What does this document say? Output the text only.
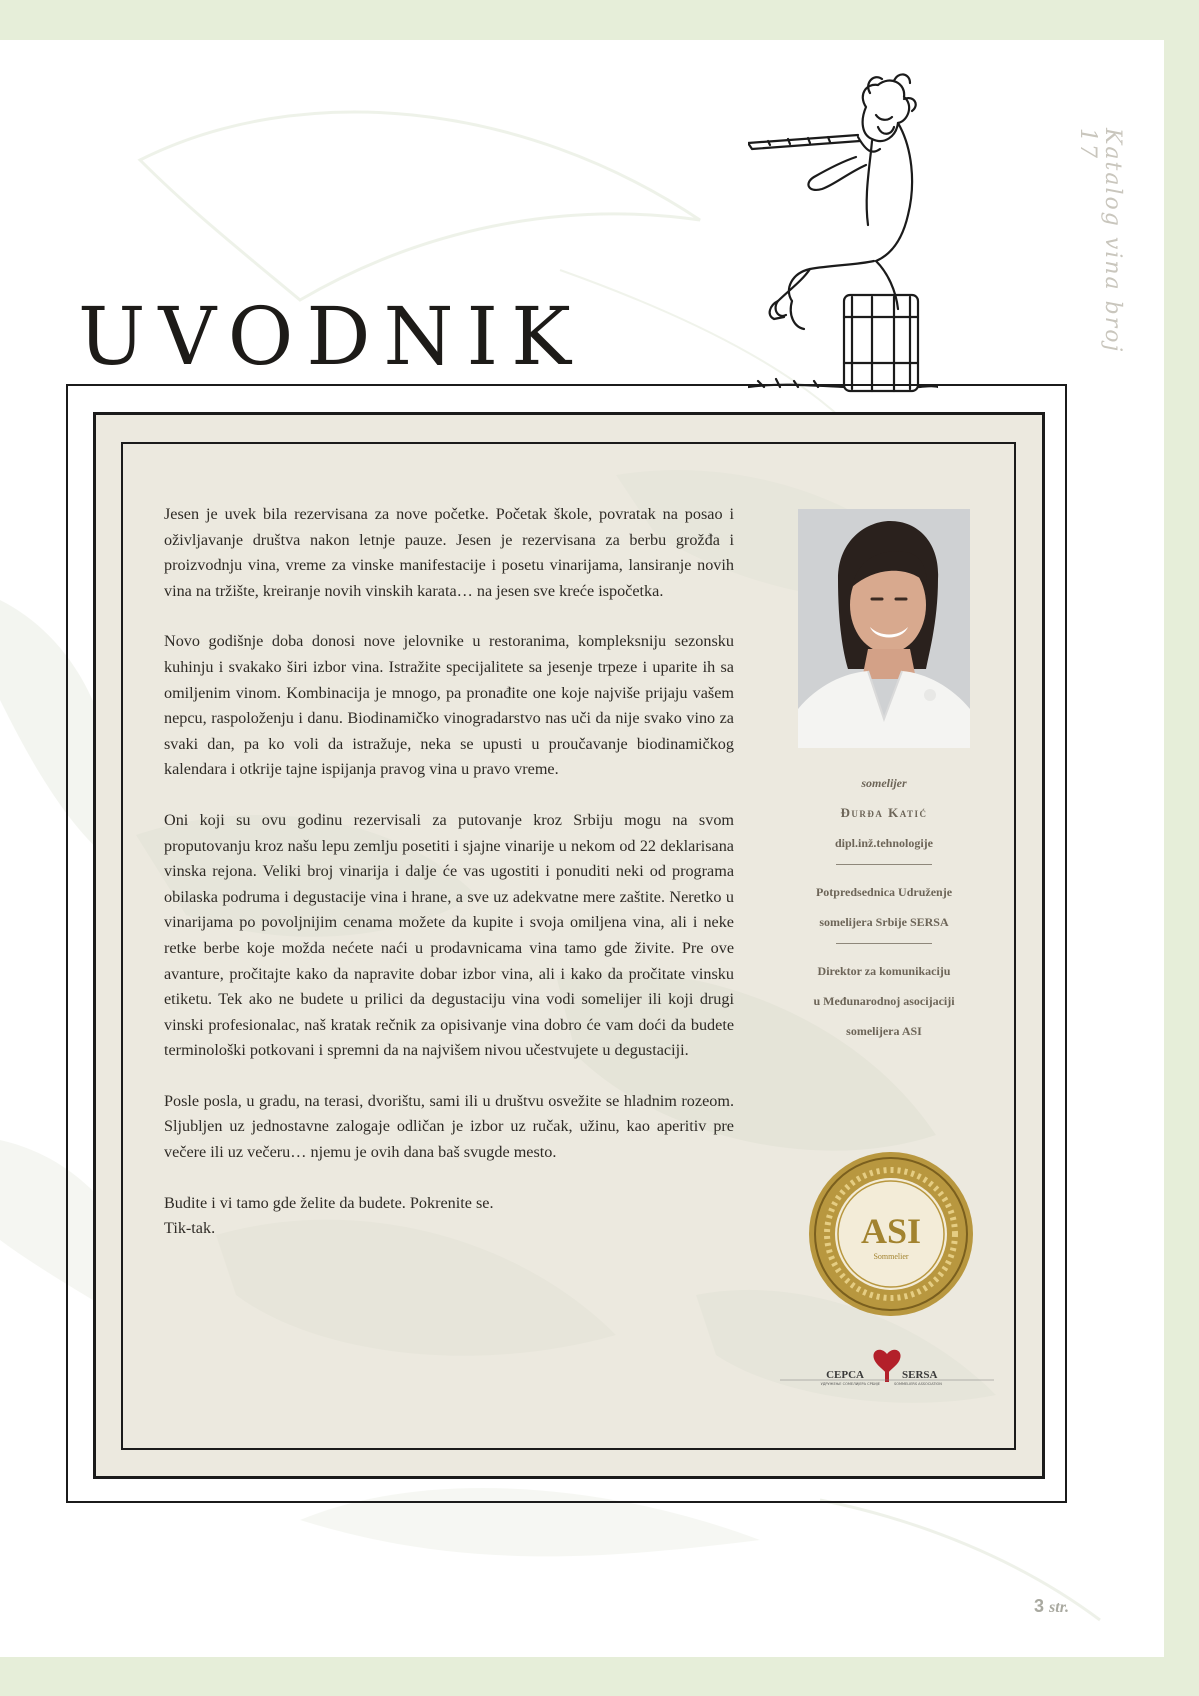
Katalog vina broj 17
UVODNIK

Jesen je uvek bila rezervisana za nove početke. Početak škole, povratak na posao i oživljavanje društva nakon letnje pauze. Jesen je rezervisana za berbu grožđa i proizvodnju vina, vreme za vinske manifestacije i posetu vinarijama, lansiranje novih vina na tržište, kreiranje novih vinskih karata… na jesen sve kreće ispočetka.

Novo godišnje doba donosi nove jelovnike u restoranima, kompleksniju sezonsku kuhinju i svakako širi izbor vina. Istražite specijalitete sa jesenje trpeze i uparite ih sa omiljenim vinom. Kombinacija je mnogo, pa pronađite one koje najviše prijaju vašem nepcu, raspoloženju i danu. Biodinamičko vinogradarstvo nas uči da nije svako vino za svaki dan, pa ko voli da istražuje, neka se upusti u proučavanje biodinamičkog kalendara i otkrije tajne ispijanja pravog vina u pravo vreme.

Oni koji su ovu godinu rezervisali za putovanje kroz Srbiju mogu na svom proputovanju kroz našu lepu zemlju posetiti i sjajne vinarije u nekom od 22 deklarisana vinska rejona. Veliki broj vinarija i dalje će vas ugostiti i ponuditi neki od programa obilaska podruma i degustacije vina i hrane, a sve uz adekvatne mere zaštite. Neretko u vinarijama po povoljnijim cenama možete da kupite i svoja omiljena vina, ali i neke retke berbe koje možda nećete naći u prodavnicama vina tamo gde živite. Pre ove avanture, pročitajte kako da napravite dobar izbor vina, ali i kako da pročitate vinsku etiketu. Tek ako ne budete u prilici da degustaciju vina vodi somelijer ili koji drugi vinski profesionalac, naš kratak rečnik za opisivanje vina dobro će vam doći da budete terminološki potkovani i spremni da na najvišem nivou učestvujete u degustaciji.

Posle posla, u gradu, na terasi, dvorištu, sami ili u društvu osvežite se hladnim rozeom. Sljubljen uz jednostavne zalogaje odličan je izbor uz ručak, užinu, kao aperitiv pre večere ili uz večeru… njemu je ovih dana baš svugde mesto.

Budite i vi tamo gde želite da budete. Pokrenite se.

Tik-tak.

somelijer

Đurđa Katić

dipl.inž.tehnologije

Potpredsednica Udruženje

somelijera Srbije SERSA

Direktor za komunikaciju

u Međunarodnoj asocijaciji

somelijera ASI

ASI
Sommelier
CEPCA	SERSA
УДРУЖЕЊЕ СОМЕЛИЈЕРА СРБИЈЕ	SOMMELIERS ASSOCIATION
3 str.
